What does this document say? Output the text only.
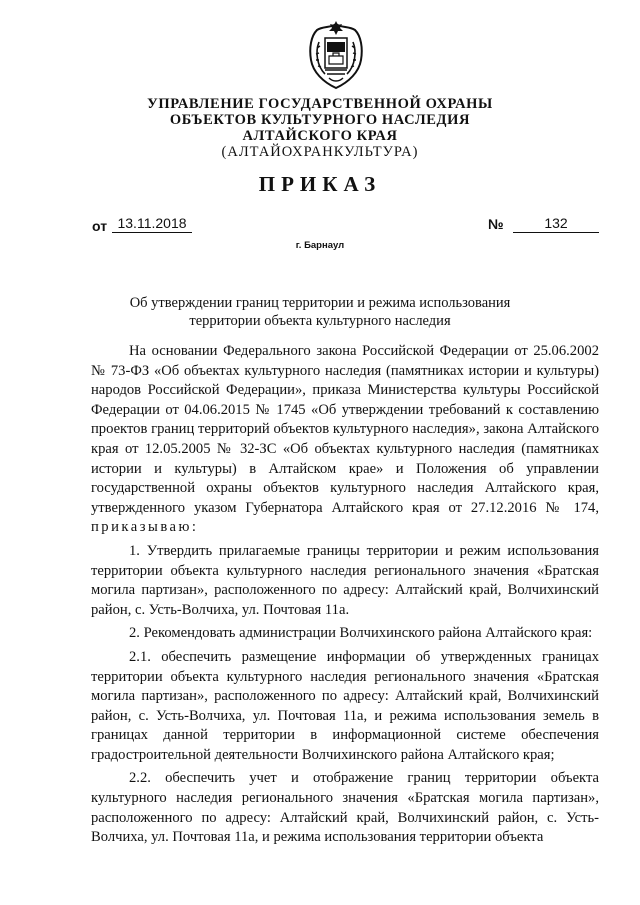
УПРАВЛЕНИЕ ГОСУДАРСТВЕННОЙ ОХРАНЫ
ОБЪЕКТОВ КУЛЬТУРНОГО НАСЛЕДИЯ
АЛТАЙСКОГО КРАЯ
(АЛТАЙОХРАНКУЛЬТУРА)
ПРИКАЗ
от 13.11.2018	№	132
г. Барнаул
Об утверждении границ территории и режима использования
территории объекта культурного наследия

На основании Федерального закона Российской Федерации от 25.06.2002 № 73-ФЗ «Об объектах культурного наследия (памятниках истории и культуры) народов Российской Федерации», приказа Министерства культуры Российской Федерации от 04.06.2015 № 1745 «Об утверждении требований к составлению проектов границ территорий объектов культурного наследия», закона Алтайского края от 12.05.2005 № 32-ЗС «Об объектах культурного наследия (памятниках истории и культуры) в Алтайском крае» и Положения об управлении государственной охраны объектов культурного наследия Алтайского края, утвержденного указом Губернатора Алтайского края от 27.12.2016 № 174, приказываю:

1. Утвердить прилагаемые границы территории и режим использования территории объекта культурного наследия регионального значения «Братская могила партизан», расположенного по адресу: Алтайский край, Волчихинский район, с. Усть-Волчиха, ул. Почтовая 11а.

2. Рекомендовать администрации Волчихинского района Алтайского края:

2.1. обеспечить размещение информации об утвержденных границах территории объекта культурного наследия регионального значения «Братская могила партизан», расположенного по адресу: Алтайский край, Волчихинский район, с. Усть-Волчиха, ул. Почтовая 11а, и режима использования земель в границах данной территории в информационной системе обеспечения градостроительной деятельности Волчихинского района Алтайского края;

2.2. обеспечить учет и отображение границ территории объекта культурного наследия регионального значения «Братская могила партизан», расположенного по адресу: Алтайский край, Волчихинский район, с. Усть-Волчиха, ул. Почтовая 11а, и режима использования территории объекта
